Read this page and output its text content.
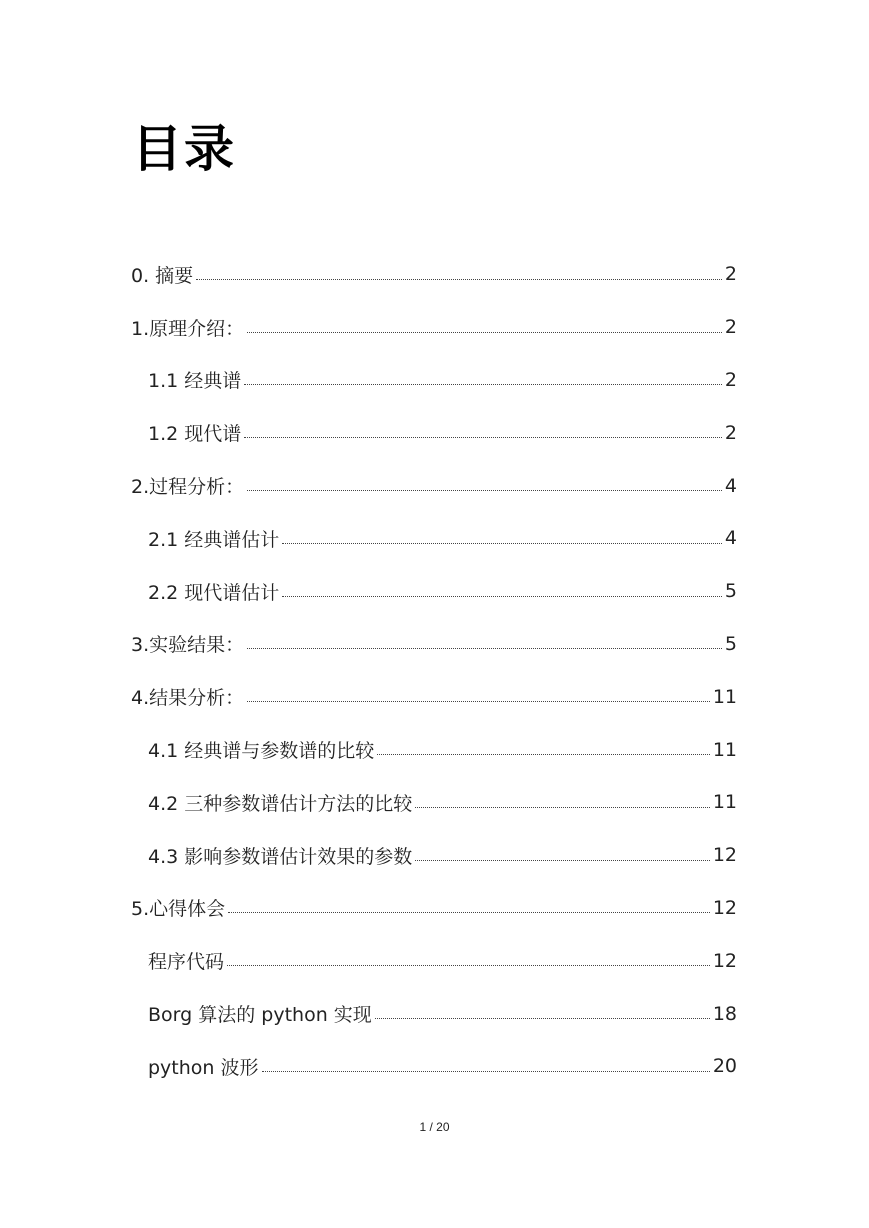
目录
0. 摘要	2
1.原理介绍：	2
1.1 经典谱	2
1.2 现代谱	2
2.过程分析：	4
2.1 经典谱估计	4
2.2 现代谱估计	5
3.实验结果：	5
4.结果分析：	11
4.1 经典谱与参数谱的比较	11
4.2 三种参数谱估计方法的比较	11
4.3 影响参数谱估计效果的参数	12
5.心得体会	12
程序代码	12
Borg 算法的 python 实现	18
python 波形	20

1 / 20
